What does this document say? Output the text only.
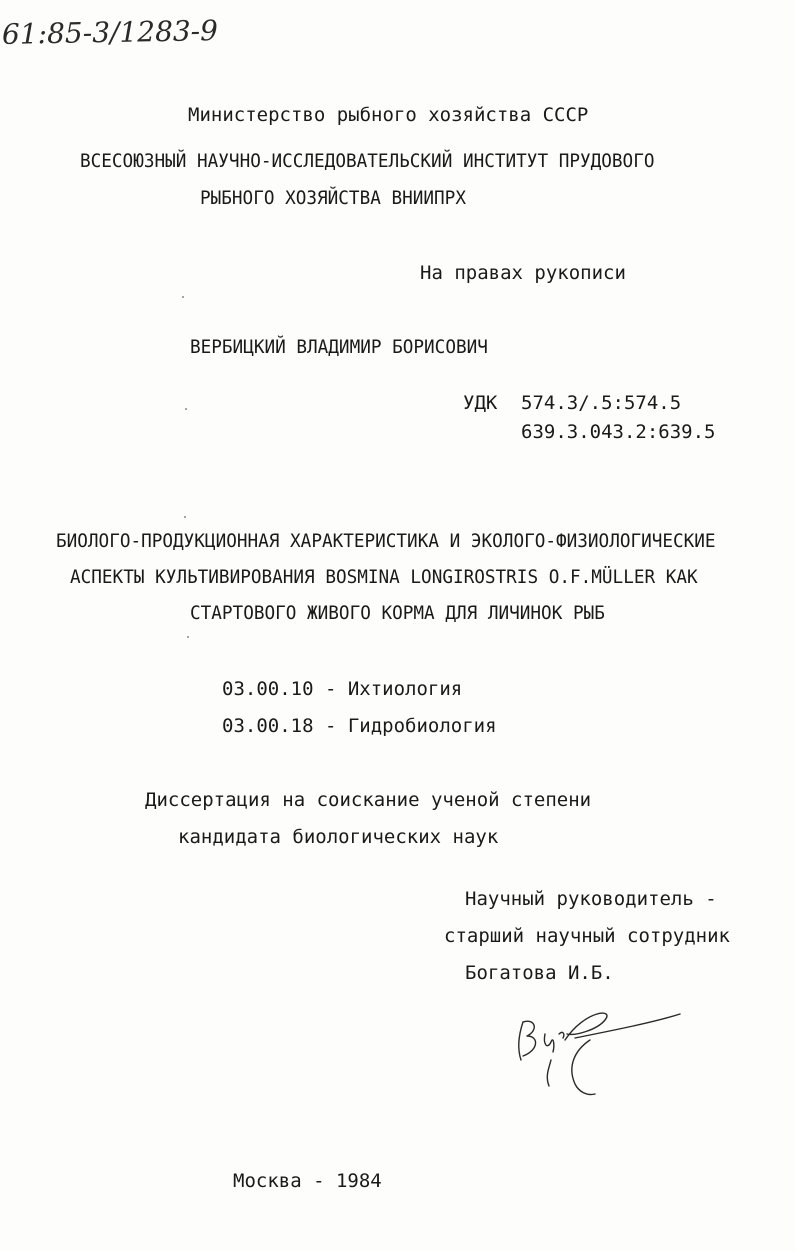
61:85-3/1283-9
Министерство рыбного хозяйства СССР
ВСЕСОЮЗНЫЙ НАУЧНО-ИССЛЕДОВАТЕЛЬСКИЙ ИНСТИТУТ ПРУДОВОГО
РЫБНОГО ХОЗЯЙСТВА ВНИИПРХ
На правах рукописи
ВЕРБИЦКИЙ ВЛАДИМИР БОРИСОВИЧ
УДК 574.3/.5:574.5
639.3.043.2:639.5
БИОЛОГО-ПРОДУКЦИОННАЯ ХАРАКТЕРИСТИКА И ЭКОЛОГО-ФИЗИОЛОГИЧЕСКИЕ
АСПЕКТЫ КУЛЬТИВИРОВАНИЯ BOSMINA LONGIROSTRIS O.F.MÜLLER КАК
СТАРТОВОГО ЖИВОГО КОРМА ДЛЯ ЛИЧИНОК РЫБ
03.00.10 - Ихтиология
03.00.18 - Гидробиология
Диссертация на соискание ученой степени
кандидата биологических наук
Научный руководитель -
старший научный сотрудник
Богатова И.Б.
Москва - 1984
